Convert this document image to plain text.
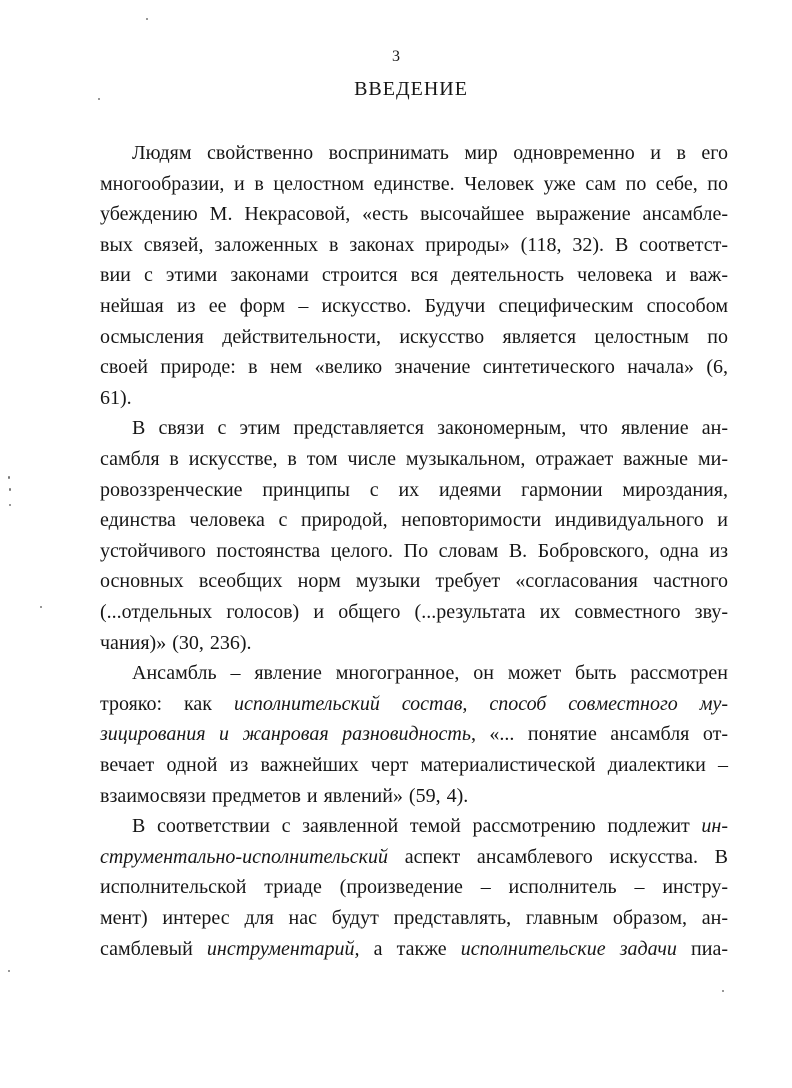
3
ВВЕДЕНИЕ
Людям свойственно воспринимать мир одновременно и в его
многообразии, и в целостном единстве. Человек уже сам по себе, по
убеждению М. Некрасовой, «есть высочайшее выражение ансамбле-
вых связей, заложенных в законах природы» (118, 32). В соответст-
вии с этими законами строится вся деятельность человека и важ-
нейшая из ее форм – искусство. Будучи специфическим способом
осмысления действительности, искусство является целостным по
своей природе: в нем «велико значение синтетического начала» (6,
61).
В связи с этим представляется закономерным, что явление ан-
самбля в искусстве, в том числе музыкальном, отражает важные ми-
ровоззренческие принципы с их идеями гармонии мироздания,
единства человека с природой, неповторимости индивидуального и
устойчивого постоянства целого. По словам В. Бобровского, одна из
основных всеобщих норм музыки требует «согласования частного
(...отдельных голосов) и общего (...результата их совместного зву-
чания)» (30, 236).
Ансамбль – явление многогранное, он может быть рассмотрен
трояко: как исполнительский состав, способ совместного му-
зицирования и жанровая разновидность, «... понятие ансамбля от-
вечает одной из важнейших черт материалистической диалектики –
взаимосвязи предметов и явлений» (59, 4).
В соответствии с заявленной темой рассмотрению подлежит ин-
струментально-исполнительский аспект ансамблевого искусства. В
исполнительской триаде (произведение – исполнитель – инстру-
мент) интерес для нас будут представлять, главным образом, ан-
самблевый инструментарий, а также исполнительские задачи пиа-
